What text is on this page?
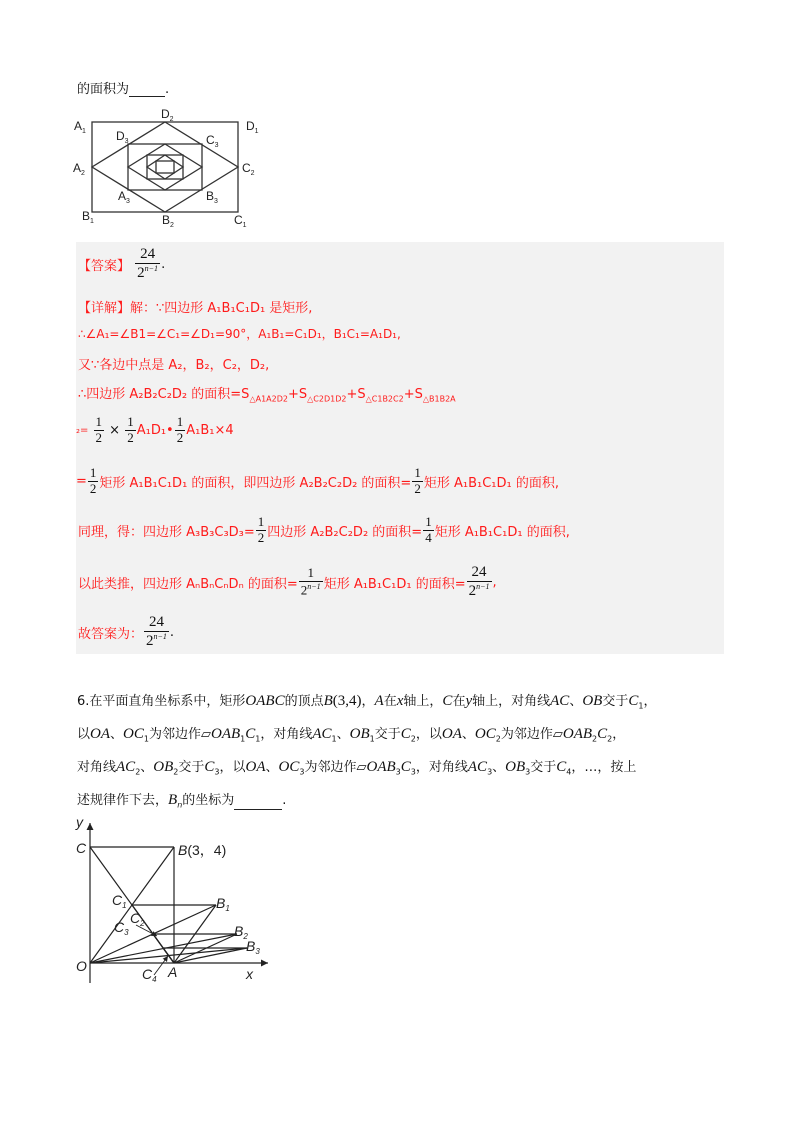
的面积为	.
$A_1$
$A_2$
$A_3$
$B_1$	$B_2$
$B_3$
$C_1$
$C_2$
$C_3$
$D_1$
$D_2$
$D_3$
【答案】 $\frac{24}{2^{n-1}}$ .
【详解】解：∵四边形 A₁B₁C₁D₁ 是矩形,
∴∠A₁=∠B1=∠C₁=∠D₁=90°，A₁B₁=C₁D₁，B₁C₁=A₁D₁,
又∵各边中点是 A₂，B₂，C₂，D₂,
∴四边形 A₂B₂C₂D₂ 的面积$=S_{\triangle A1A2D2}+S_{\triangle C2D1D2}+S_{\triangle C1B2C2}+S_{\triangle B1B2A}$
$_2= \frac{1}{2} \times \frac{1}{2}$ A₁D₁• $\frac{1}{2} A_1B_1\times 4$
= $\frac{1}{2}$ 矩形 A₁B₁C₁D₁ 的面积，即四边形 A₂B₂C₂D₂ 的面积= $\frac{1}{2}$ 矩形 A₁B₁C₁D₁ 的面积,
同理，得：四边形 $A_3B_3C_3D_3= \frac{1}{2}$ 四边形 A₂B₂C₂D₂ 的面积= $\frac{1}{4}$ 矩形 A₁B₁C₁D₁ 的面积,
以此类推，四边形 AₙBₙCₙDₙ 的面积= $\frac{1}{2^{n-1}}$ 矩形 A₁B₁C₁D₁ 的面积= $\frac{24}{2^{n-1}}$ ,
故答案为： $\frac{24}{2^{n-1}}$ .
6.在平面直角坐标系中，矩形OABC的顶点B(3,4)，A在x轴上，C在y轴上，对角线AC、OB交于$C_1$，
以OA、$OC_1$为邻边作$▱OAB_1C_1$，对角线$AC_1$、$OB_1$交于$C_2$，以OA、$OC_2$为邻边作$▱OAB_2C_2$，
对角线$AC_2$、$OB_2$交于$C_3$，以OA、$OC_3$为邻边作$▱OAB_3C_3$，对角线$AC_3$、$OB_3$交于$C_4$，…，按上
述规律作下去，$B_n$的坐标为	.
y
x
O	A
C	B(3，4)
$C_1$
$C_2$
$C_3$
$C_4$
$B_1$
$B_2$
$B_3$
